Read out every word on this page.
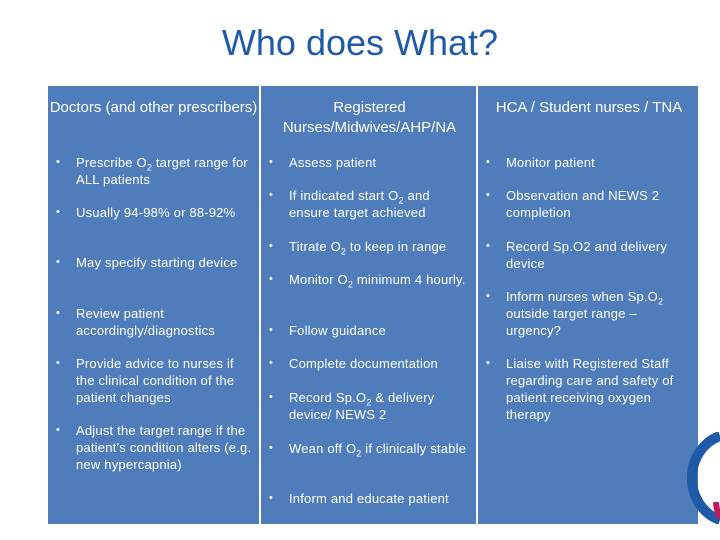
Who does What?
Doctors (and other prescribers)
•	Prescribe $O_2$ target range for ALL patients
•	Usually 94-98% or 88-92%
•	May specify starting device
•	Review patient accordingly/diagnostics
•	Provide advice to nurses if the clinical condition of the patient changes
•	Adjust the target range if the patient’s condition alters (e.g. new hypercapnia)
Registered Nurses/Midwives/AHP/NA
•	Assess patient
•	If indicated start $O_2$ and ensure target achieved
•	Titrate $O_2$ to keep in range
•	Monitor $O_2$ minimum 4 hourly.
•	Follow guidance
•	Complete documentation
•	Record $Sp.O_2$ & delivery device/ NEWS 2
•	Wean off $O_2$ if clinically stable
•	Inform and educate patient
HCA / Student nurses / TNA
•	Monitor patient
•	Observation and NEWS 2 completion
•	Record Sp.O2 and delivery device
•	Inform nurses when $Sp.O_2$ outside target range – urgency?
•	Liaise with Registered Staff regarding care and safety of patient receiving oxygen therapy
